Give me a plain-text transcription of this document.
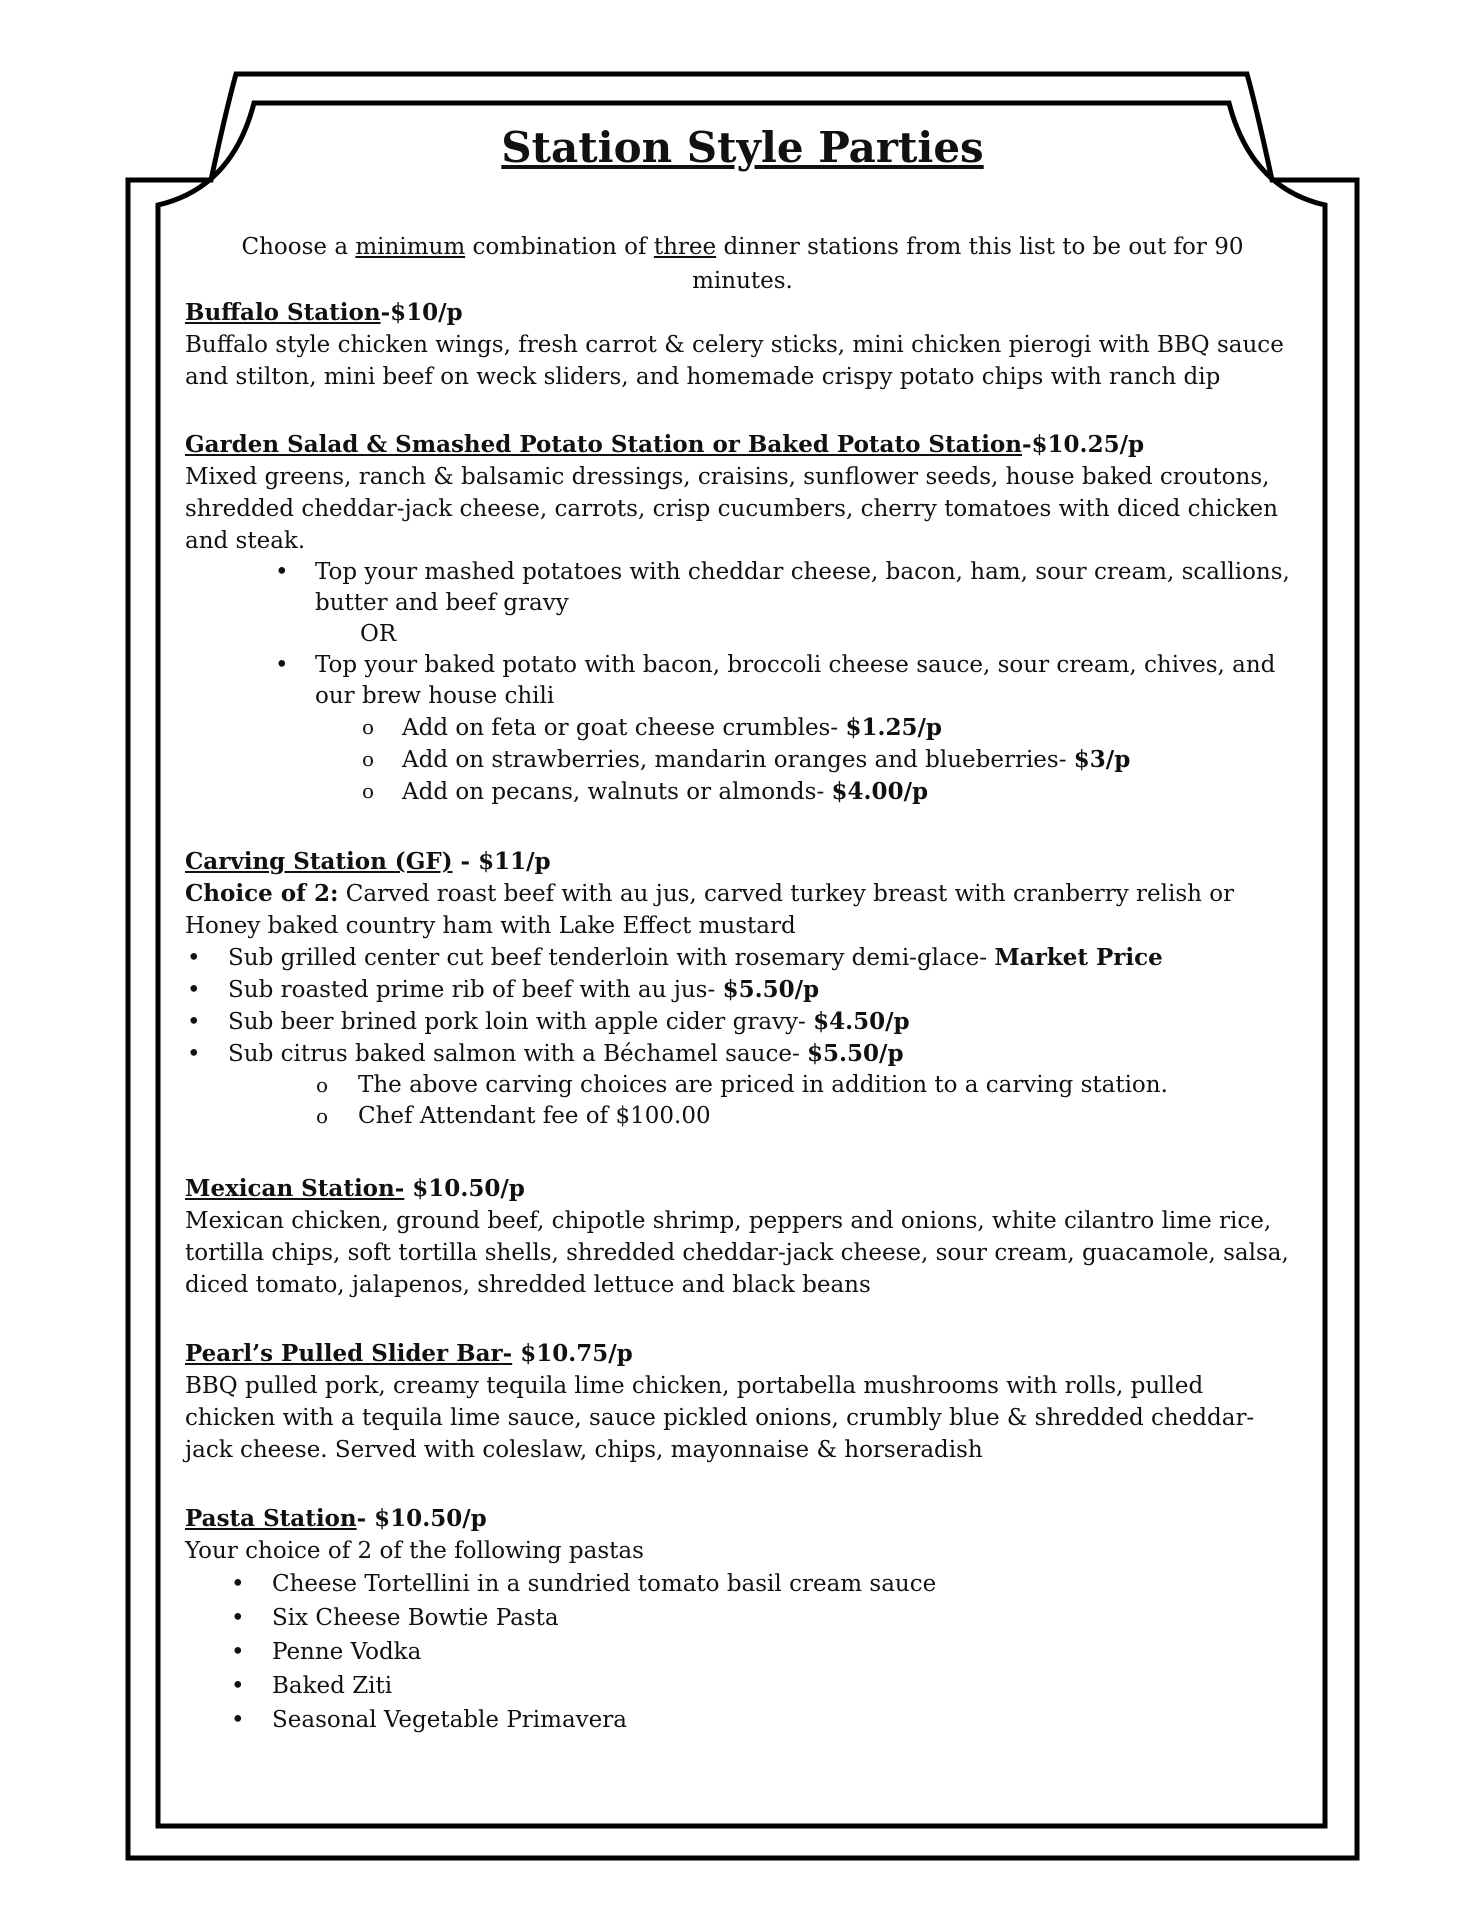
Station Style Parties
Choose a minimum combination of three dinner stations from this list to be out for 90 minutes.
Buffalo Station-$10/p
Buffalo style chicken wings, fresh carrot & celery sticks, mini chicken pierogi with BBQ sauce and stilton, mini beef on weck sliders, and homemade crispy potato chips with ranch dip
Garden Salad & Smashed Potato Station or Baked Potato Station-$10.25/p
Mixed greens, ranch & balsamic dressings, craisins, sunflower seeds, house baked croutons, shredded cheddar-jack cheese, carrots, crisp cucumbers, cherry tomatoes with diced chicken and steak.
• Top your mashed potatoes with cheddar cheese, bacon, ham, sour cream, scallions, butter and beef gravy
OR
• Top your baked potato with bacon, broccoli cheese sauce, sour cream, chives, and our brew house chili
o Add on feta or goat cheese crumbles- $1.25/p
o Add on strawberries, mandarin oranges and blueberries- $3/p
o Add on pecans, walnuts or almonds- $4.00/p
Carving Station (GF) - $11/p
Choice of 2: Carved roast beef with au jus, carved turkey breast with cranberry relish or Honey baked country ham with Lake Effect mustard
• Sub grilled center cut beef tenderloin with rosemary demi-glace- Market Price
• Sub roasted prime rib of beef with au jus- $5.50/p
• Sub beer brined pork loin with apple cider gravy- $4.50/p
• Sub citrus baked salmon with a Béchamel sauce- $5.50/p
o The above carving choices are priced in addition to a carving station.
o Chef Attendant fee of $100.00
Mexican Station- $10.50/p
Mexican chicken, ground beef, chipotle shrimp, peppers and onions, white cilantro lime rice, tortilla chips, soft tortilla shells, shredded cheddar-jack cheese, sour cream, guacamole, salsa, diced tomato, jalapenos, shredded lettuce and black beans
Pearl’s Pulled Slider Bar- $10.75/p
BBQ pulled pork, creamy tequila lime chicken, portabella mushrooms with rolls, pulled chicken with a tequila lime sauce, sauce pickled onions, crumbly blue & shredded cheddar-jack cheese. Served with coleslaw, chips, mayonnaise & horseradish
Pasta Station- $10.50/p
Your choice of 2 of the following pastas
• Cheese Tortellini in a sundried tomato basil cream sauce
• Six Cheese Bowtie Pasta
• Penne Vodka
• Baked Ziti
• Seasonal Vegetable Primavera
